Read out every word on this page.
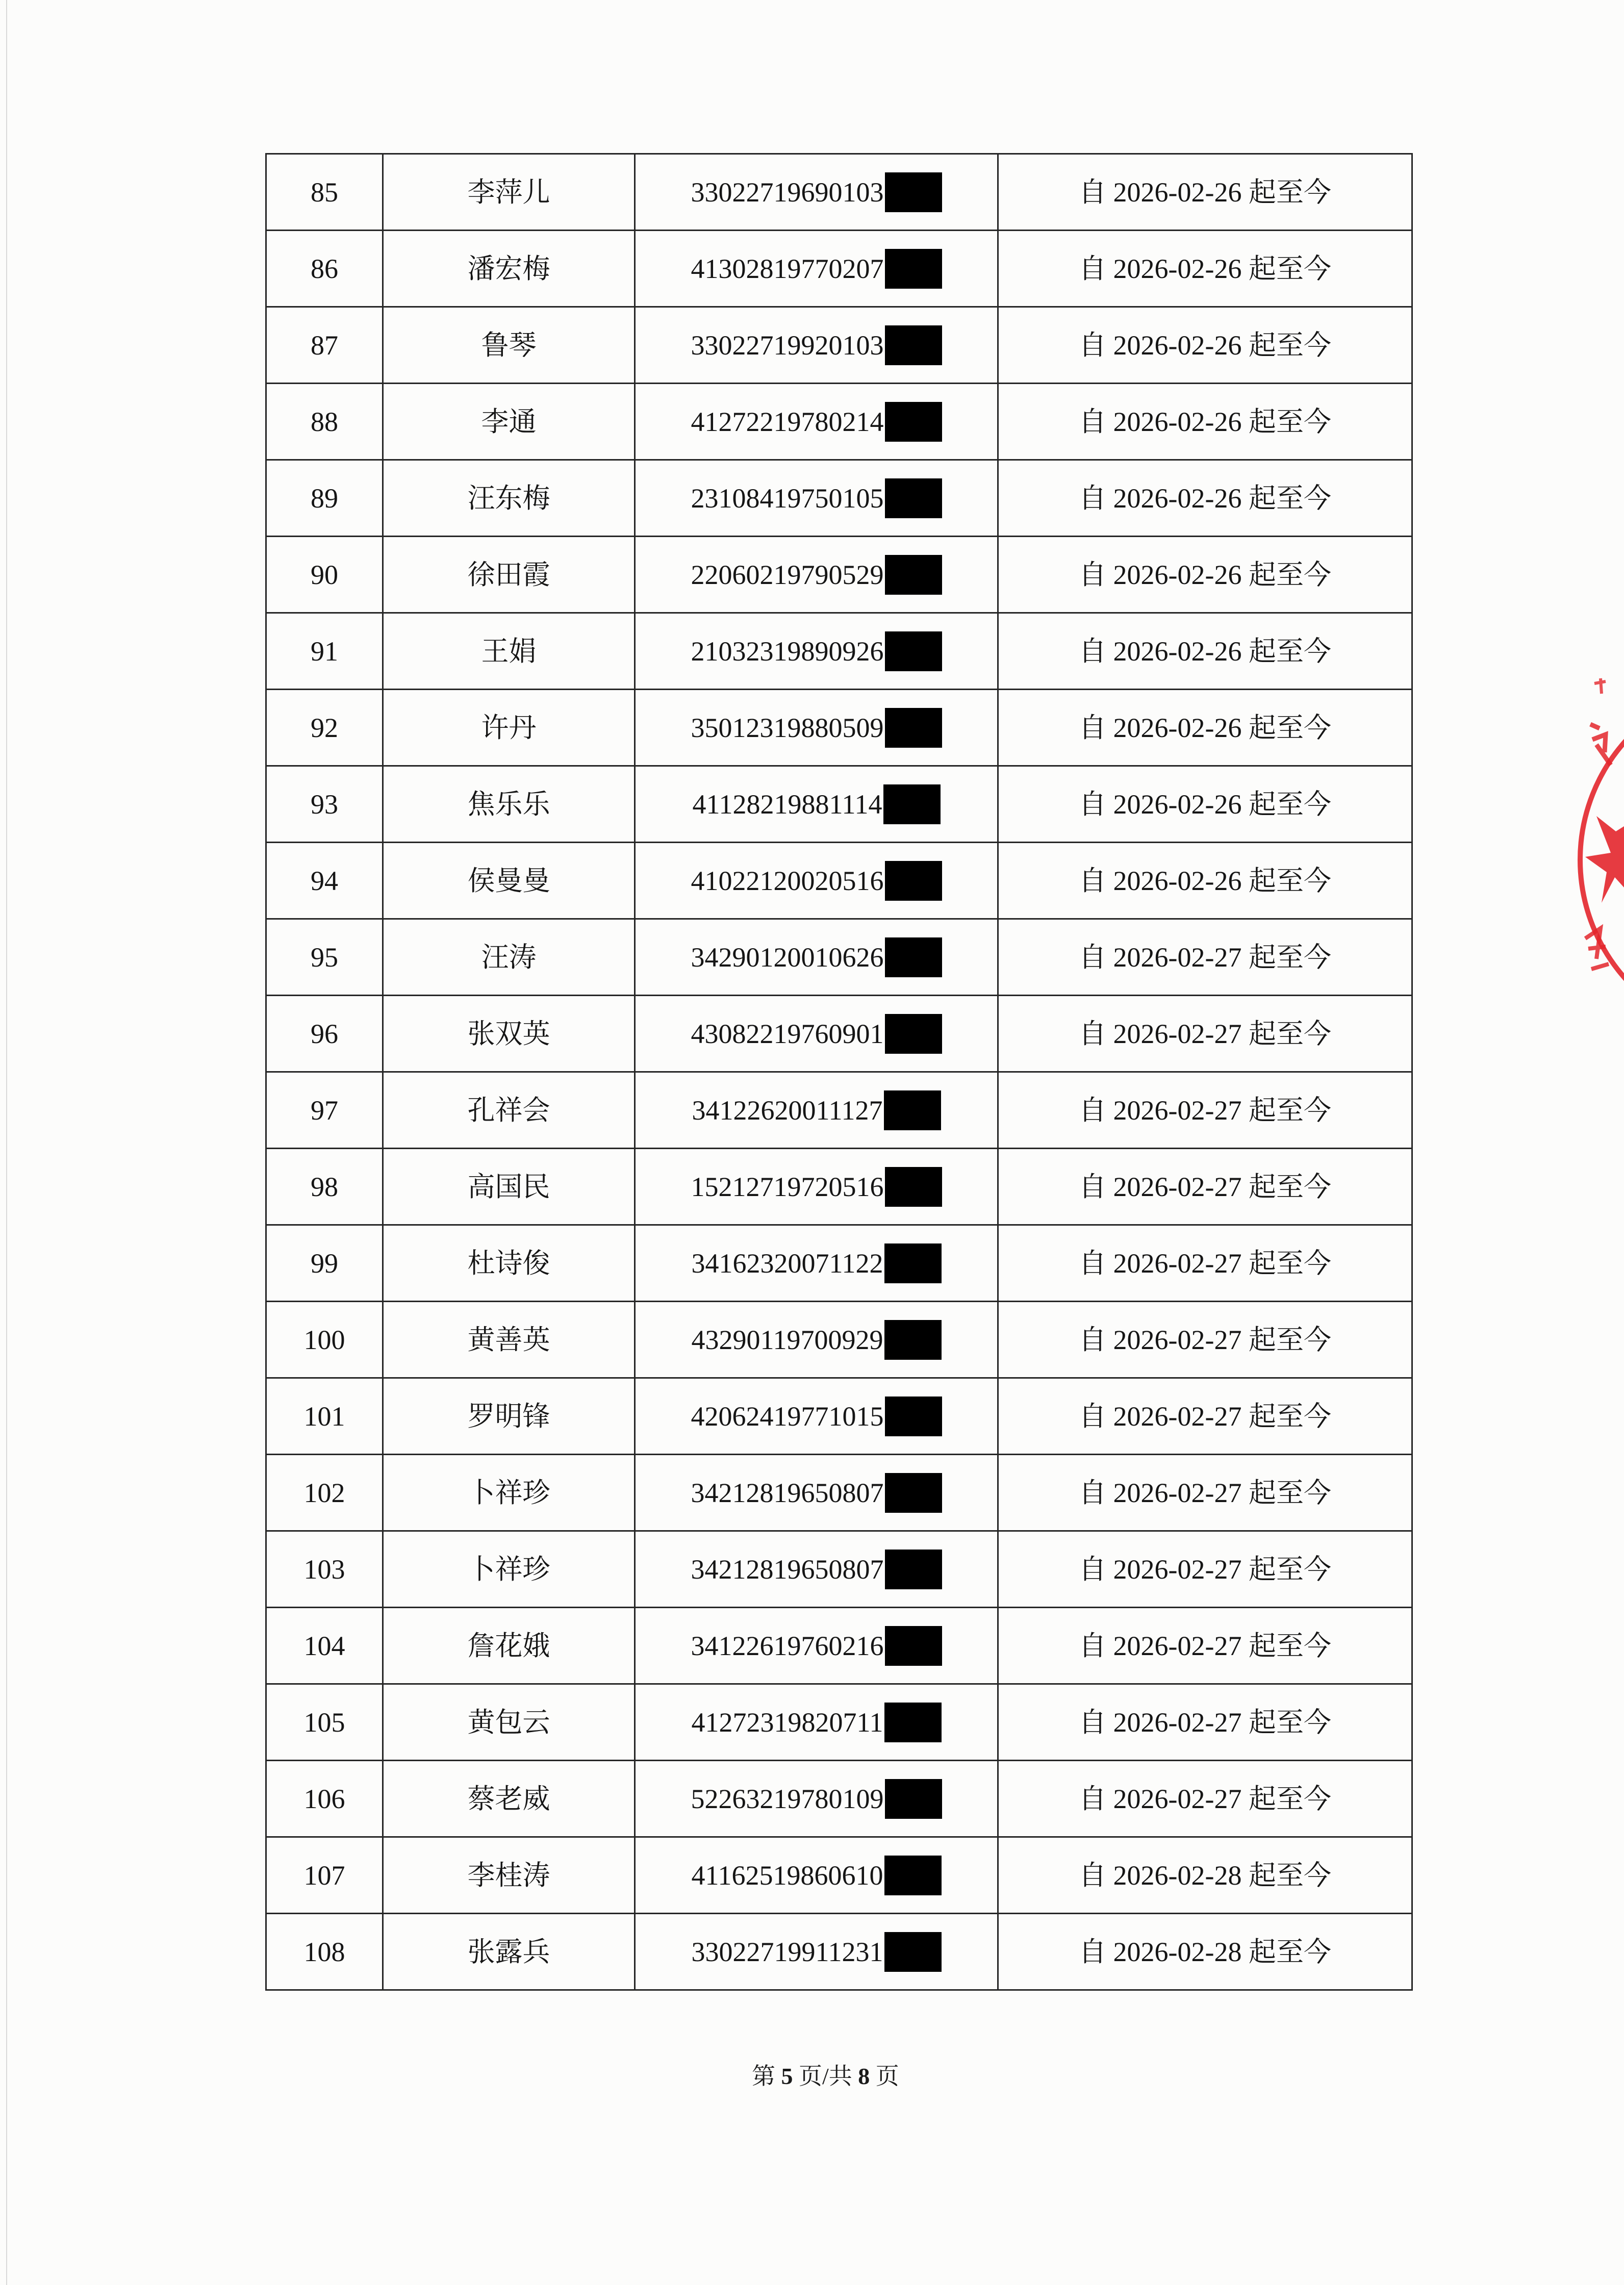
85	李萍儿	33022719690103	自 2026-02-26 起至今
86	潘宏梅	41302819770207	自 2026-02-26 起至今
87	鲁琴	33022719920103	自 2026-02-26 起至今
88	李通	41272219780214	自 2026-02-26 起至今
89	汪东梅	23108419750105	自 2026-02-26 起至今
90	徐田霞	22060219790529	自 2026-02-26 起至今
91	王娟	21032319890926	自 2026-02-26 起至今
92	许丹	35012319880509	自 2026-02-26 起至今
93	焦乐乐	41128219881114	自 2026-02-26 起至今
94	侯曼曼	41022120020516	自 2026-02-26 起至今
95	汪涛	34290120010626	自 2026-02-27 起至今
96	张双英	43082219760901	自 2026-02-27 起至今
97	孔祥会	34122620011127	自 2026-02-27 起至今
98	高国民	15212719720516	自 2026-02-27 起至今
99	杜诗俊	34162320071122	自 2026-02-27 起至今
100	黄善英	43290119700929	自 2026-02-27 起至今
101	罗明锋	42062419771015	自 2026-02-27 起至今
102	卜祥珍	34212819650807	自 2026-02-27 起至今
103	卜祥珍	34212819650807	自 2026-02-27 起至今
104	詹花娥	34122619760216	自 2026-02-27 起至今
105	黄包云	41272319820711	自 2026-02-27 起至今
106	蔡老威	52263219780109	自 2026-02-27 起至今
107	李桂涛	41162519860610	自 2026-02-28 起至今
108	张露兵	33022719911231	自 2026-02-28 起至今
第 5 页/共 8 页
